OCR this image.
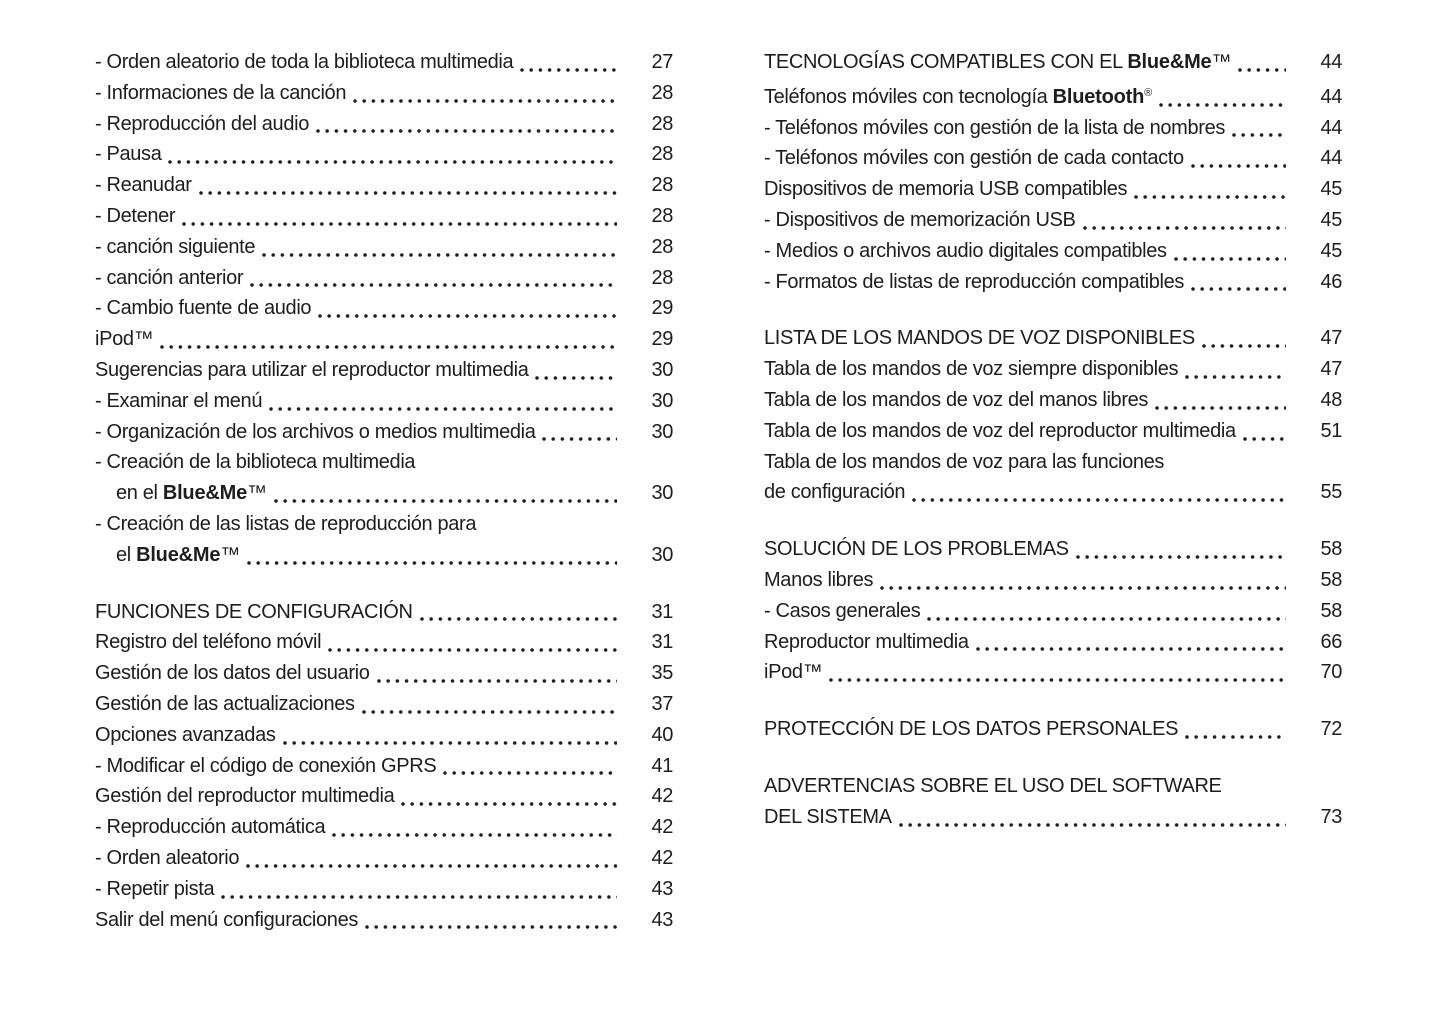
- Orden aleatorio de toda la biblioteca multimedia	27
- Informaciones de la canción	28
- Reproducción del audio	28
- Pausa	28
- Reanudar	28
- Detener	28
- canción siguiente	28
- canción anterior	28
- Cambio fuente de audio	29
iPod™	29
Sugerencias para utilizar el reproductor multimedia	30
- Examinar el menú	30
- Organización de los archivos o medios multimedia	30
- Creación de la biblioteca multimedia
en el Blue&Me™	30
- Creación de las listas de reproducción para
el Blue&Me™	30
FUNCIONES DE CONFIGURACIÓN	31
Registro del teléfono móvil	31
Gestión de los datos del usuario	35
Gestión de las actualizaciones	37
Opciones avanzadas	40
- Modificar el código de conexión GPRS	41
Gestión del reproductor multimedia	42
- Reproducción automática	42
- Orden aleatorio	42
- Repetir pista	43
Salir del menú configuraciones	43
TECNOLOGÍAS COMPATIBLES CON EL Blue&Me™	44
Teléfonos móviles con tecnología Bluetooth®	44
- Teléfonos móviles con gestión de la lista de nombres	44
- Teléfonos móviles con gestión de cada contacto	44
Dispositivos de memoria USB compatibles	45
- Dispositivos de memorización USB	45
- Medios o archivos audio digitales compatibles	45
- Formatos de listas de reproducción compatibles	46
LISTA DE LOS MANDOS DE VOZ DISPONIBLES	47
Tabla de los mandos de voz siempre disponibles	47
Tabla de los mandos de voz del manos libres	48
Tabla de los mandos de voz del reproductor multimedia	51
Tabla de los mandos de voz para las funciones
de configuración	55
SOLUCIÓN DE LOS PROBLEMAS	58
Manos libres	58
- Casos generales	58
Reproductor multimedia	66
iPod™	70
PROTECCIÓN DE LOS DATOS PERSONALES	72
ADVERTENCIAS SOBRE EL USO DEL SOFTWARE
DEL SISTEMA	73
